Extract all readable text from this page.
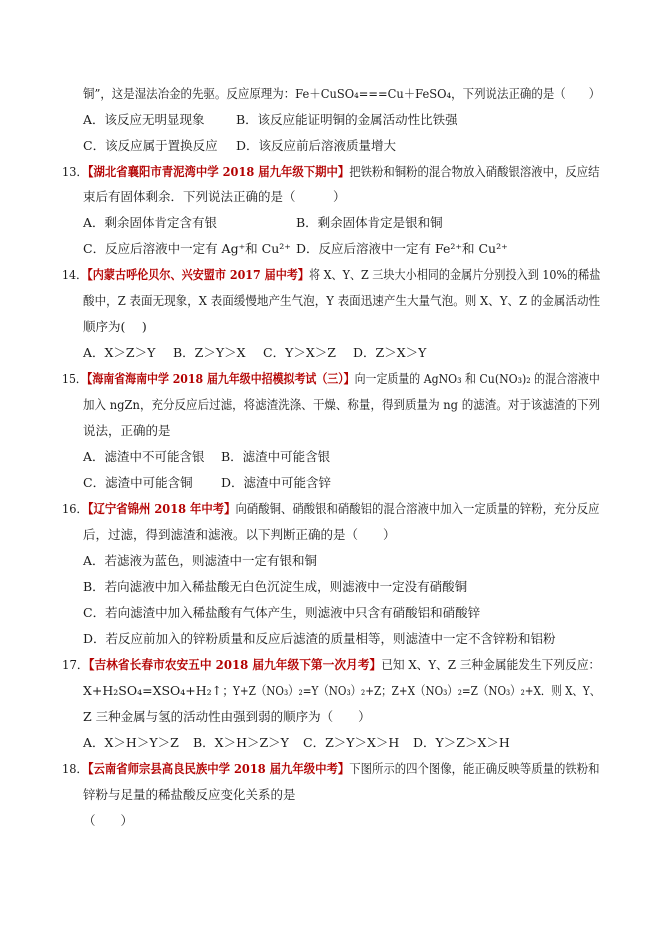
铜”，这是湿法冶金的先驱。反应原理为：Fe＋CuSO₄===Cu＋FeSO₄，下列说法正确的是（　　）
A．该反应无明显现象	B．该反应能证明铜的金属活动性比铁强
C．该反应属于置换反应 D．该反应前后溶液质量增大
13．【湖北省襄阳市青泥湾中学 2018 届九年级下期中】把铁粉和铜粉的混合物放入硝酸银溶液中，反应结
束后有固体剩余．下列说法正确的是（　　　）
A．剩余固体肯定含有银	B．剩余固体肯定是银和铜
C．反应后溶液中一定有 Ag⁺和 Cu²⁺ D．反应后溶液中一定有 Fe²⁺和 Cu²⁺
14．【内蒙古呼伦贝尔、兴安盟市 2017 届中考】将 X、Y、Z 三块大小相同的金属片分别投入到 10%的稀盐
酸中，Z 表面无现象，X 表面缓慢地产生气泡，Y 表面迅速产生大量气泡。则 X、Y、Z 的金属活动性
顺序为(　 )
A．X＞Z＞Y B．Z＞Y＞X C．Y＞X＞Z D．Z＞X＞Y
15．【海南省海南中学 2018 届九年级中招模拟考试（三）】向一定质量的 AgNO₃ 和 Cu(NO₃)₂ 的混合溶液中
加入 ngZn，充分反应后过滤，将滤渣洗涤、干燥、称量，得到质量为 ng 的滤渣。对于该滤渣的下列
说法，正确的是
A．滤渣中不可能含银 B．滤渣中可能含银
C．滤渣中可能含铜 D．滤渣中可能含锌
16．【辽宁省锦州 2018 年中考】向硝酸铜、硝酸银和硝酸铝的混合溶液中加入一定质量的锌粉，充分反应
后，过滤，得到滤渣和滤液。以下判断正确的是（　　）
A．若滤液为蓝色，则滤渣中一定有银和铜
B．若向滤液中加入稀盐酸无白色沉淀生成，则滤液中一定没有硝酸铜
C．若向滤渣中加入稀盐酸有气体产生，则滤液中只含有硝酸铝和硝酸锌
D．若反应前加入的锌粉质量和反应后滤渣的质量相等，则滤渣中一定不含锌粉和铝粉
17．【吉林省长春市农安五中 2018 届九年级下第一次月考】已知 X、Y、Z 三种金属能发生下列反应：
X+H₂SO₄=XSO₄+H₂↑；
Y+Z（NO₃）₂=Y（NO₃）₂+Z；Z+X（NO₃）₂=Z（NO₃）₂+X．则 X、Y、
Z 三种金属与氢的活动性由强到弱的顺序为（　　）
A．X＞H＞Y＞Z B．X＞H＞Z＞Y C．Z＞Y＞X＞H D．Y＞Z＞X＞H
18．【云南省师宗县高良民族中学 2018 届九年级中考】下图所示的四个图像，能正确反映等质量的铁粉和
锌粉与足量的稀盐酸反应变化关系的是
（　　）
